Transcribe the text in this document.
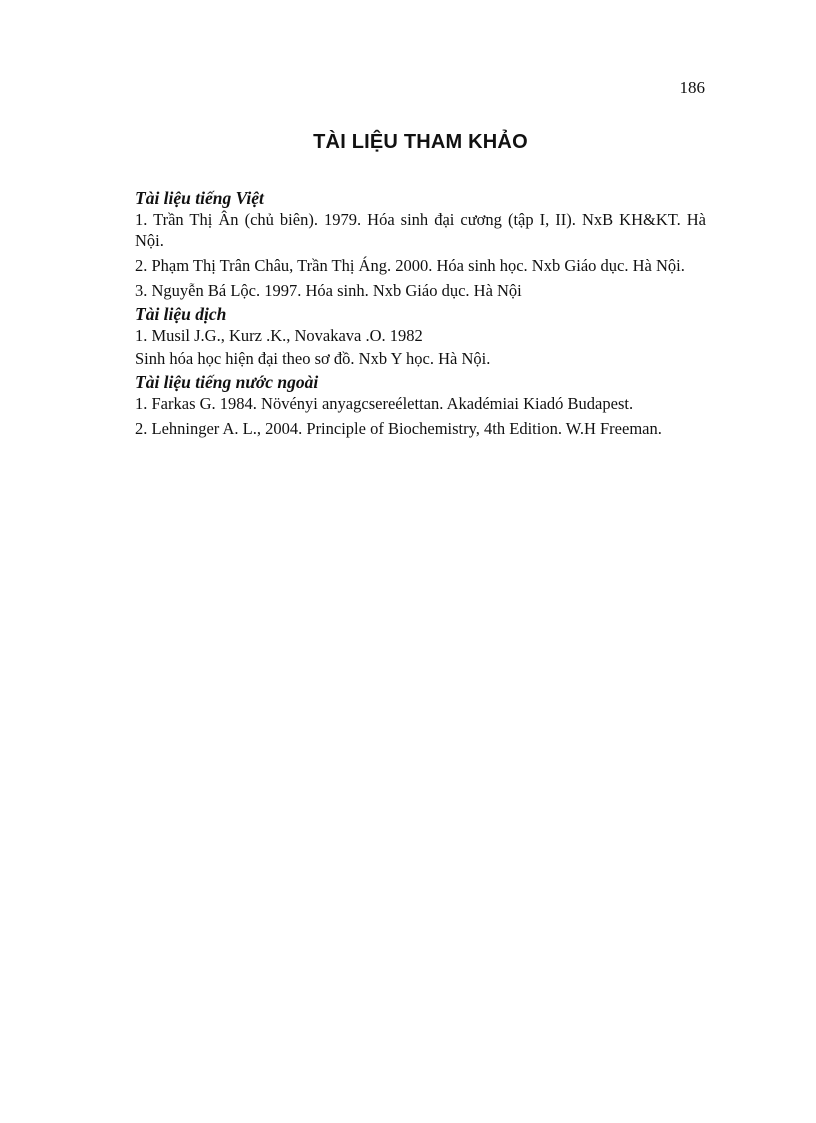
186
TÀI LIỆU THAM KHẢO

Tài liệu tiếng Việt

1. Trần Thị Ân (chủ biên). 1979. Hóa sinh đại cương (tập I, II). NxB KH&KT. Hà Nội.

2. Phạm Thị Trân Châu, Trần Thị Áng. 2000. Hóa sinh học. Nxb Giáo dục. Hà Nội.

3. Nguyễn Bá Lộc. 1997. Hóa sinh. Nxb Giáo dục. Hà Nội

Tài liệu dịch

1. Musil J.G., Kurz .K., Novakava .O. 1982

Sinh hóa học hiện đại theo sơ đồ. Nxb Y học. Hà Nội.

Tài liệu tiếng nước ngoài

1. Farkas G. 1984. Növényi anyagcsereélettan. Akadémiai Kiadó Budapest.

2. Lehninger A. L., 2004. Principle of Biochemistry, 4th Edition. W.H Freeman.
